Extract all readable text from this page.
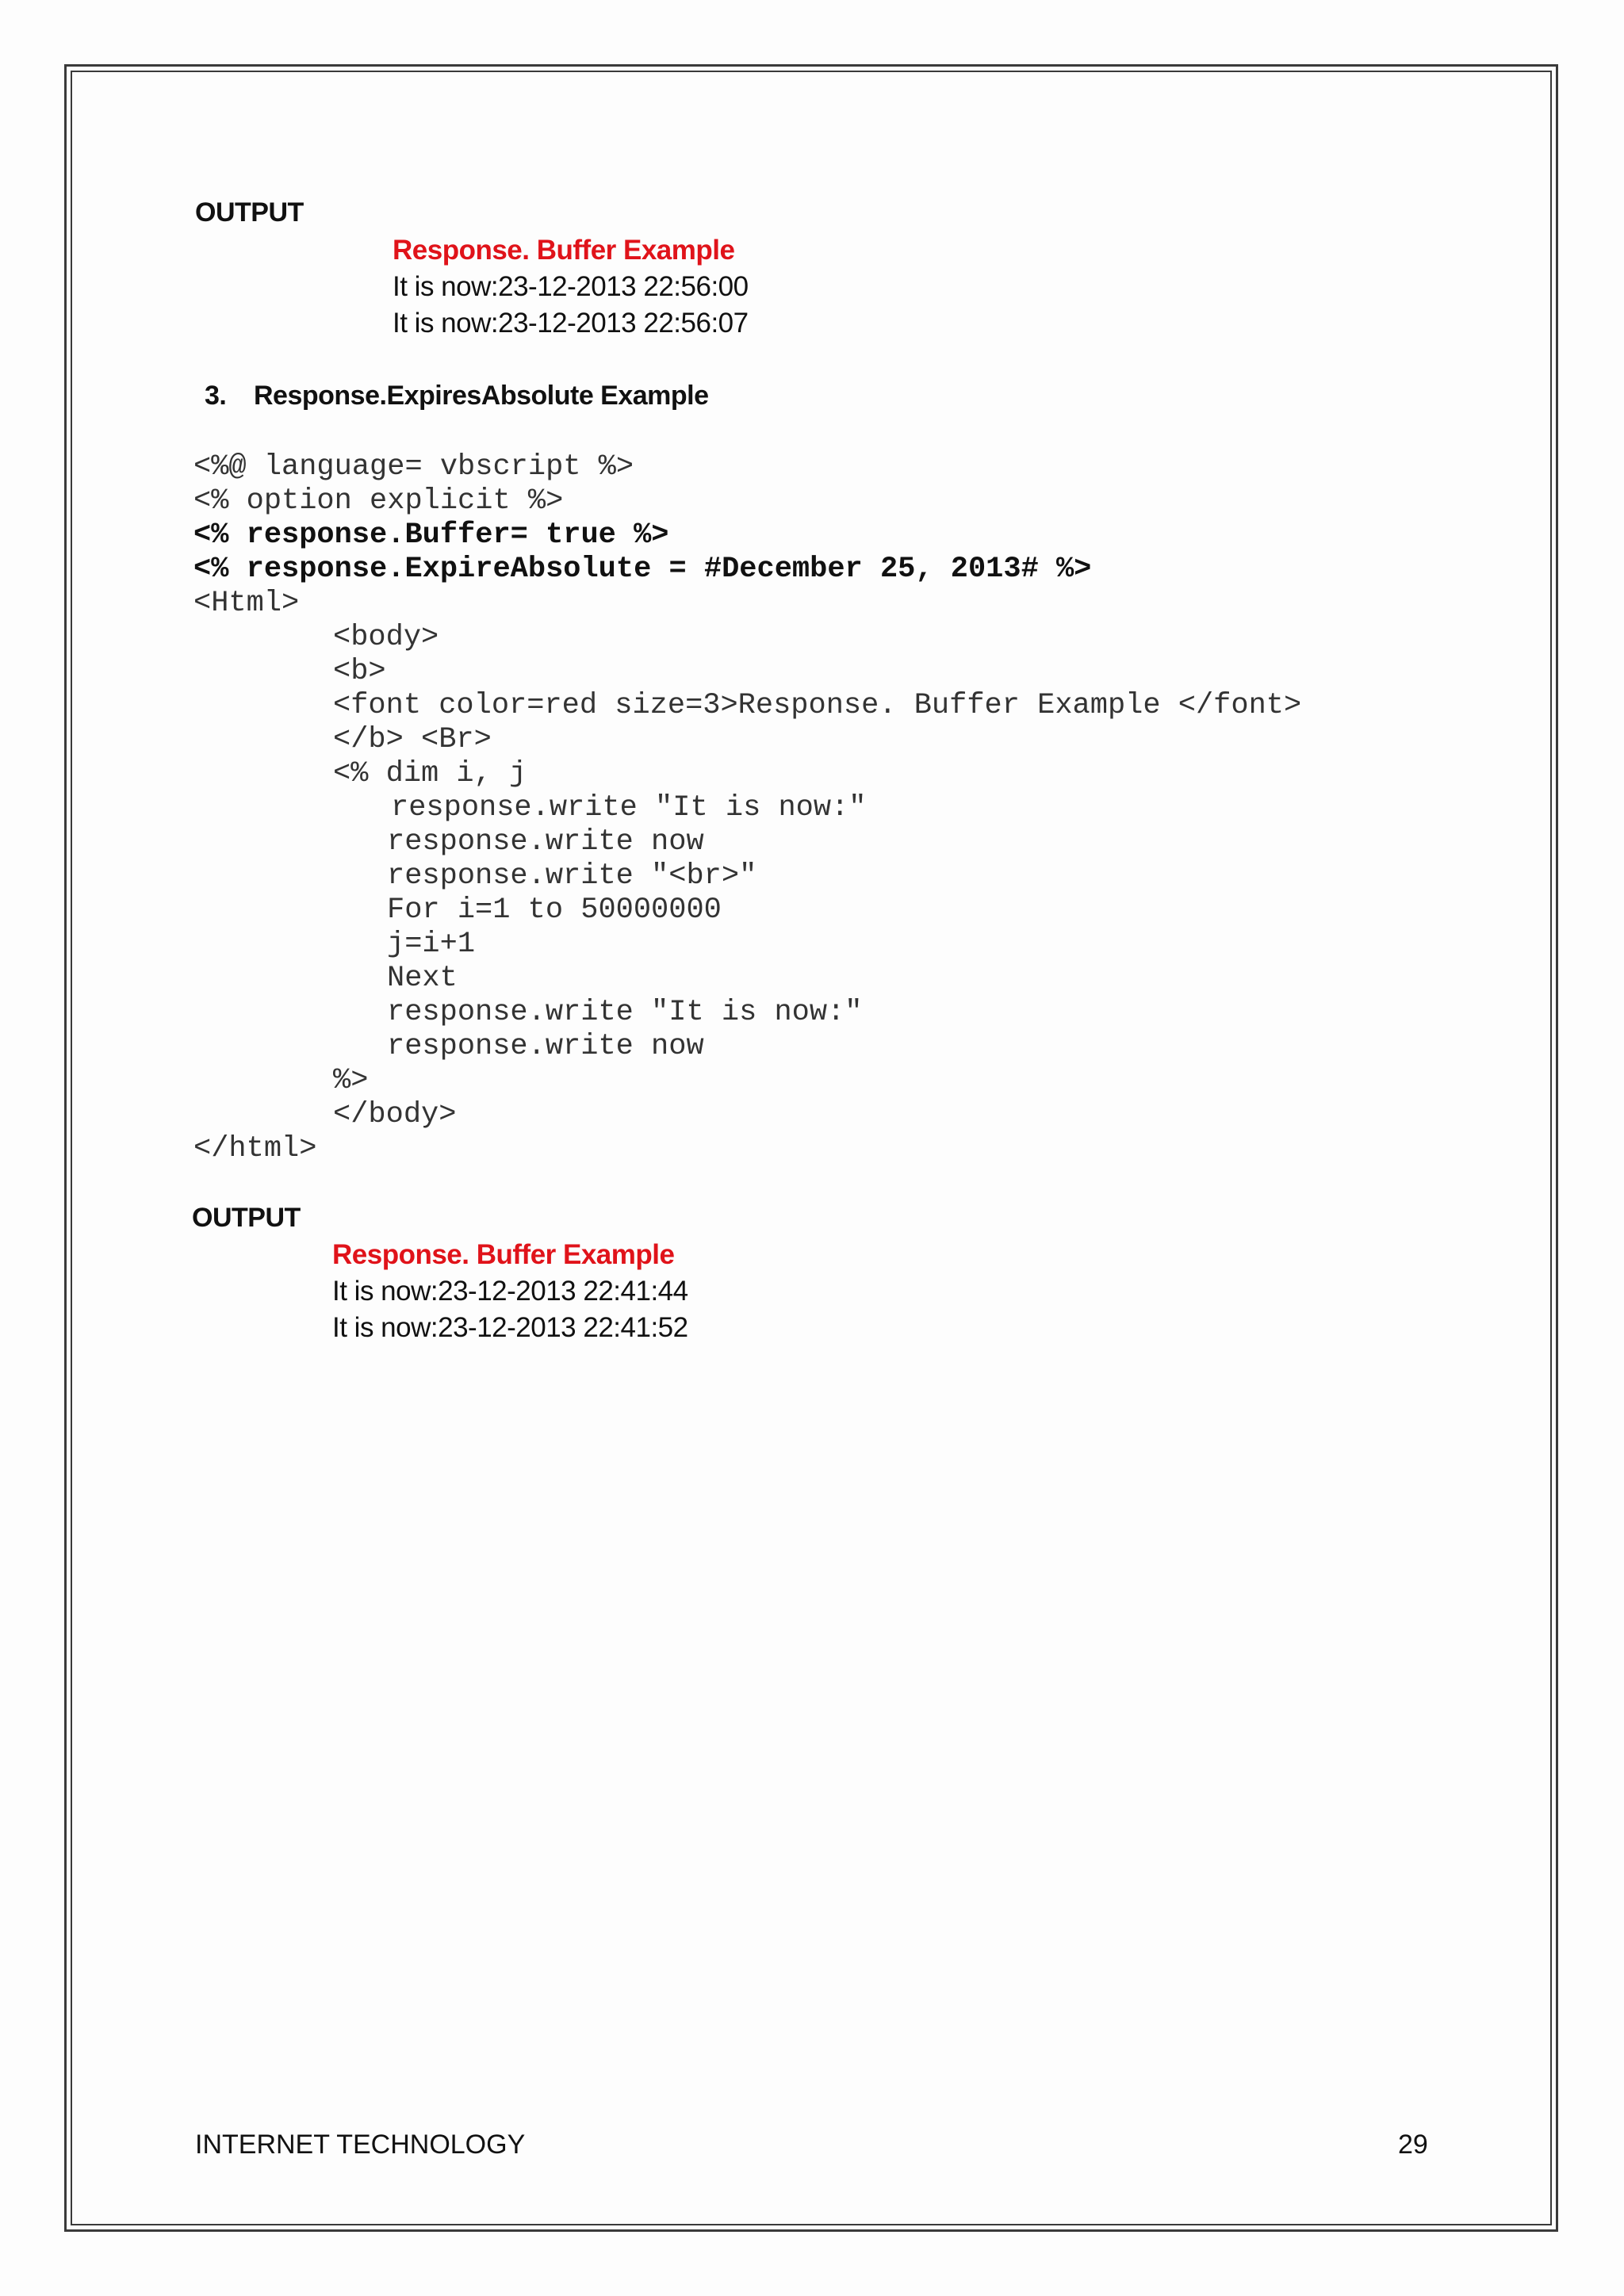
OUTPUT
Response. Buffer Example
It is now:23-12-2013 22:56:00
It is now:23-12-2013 22:56:07
3. Response.ExpiresAbsolute Example
<%@ language= vbscript %>
<% option explicit %>
<% response.Buffer= true %>
<% response.ExpireAbsolute = #December 25, 2013# %>
<Html>
<body>
<b>
<font color=red size=3>Response. Buffer Example </font>
</b> <Br>
<% dim i, j
response.write "It is now:"
response.write now
response.write "<br>"
For i=1 to 50000000
j=i+1
Next
response.write "It is now:"
response.write now
%>
</body>
</html>
OUTPUT
Response. Buffer Example
It is now:23-12-2013 22:41:44
It is now:23-12-2013 22:41:52
INTERNET TECHNOLOGY	29
